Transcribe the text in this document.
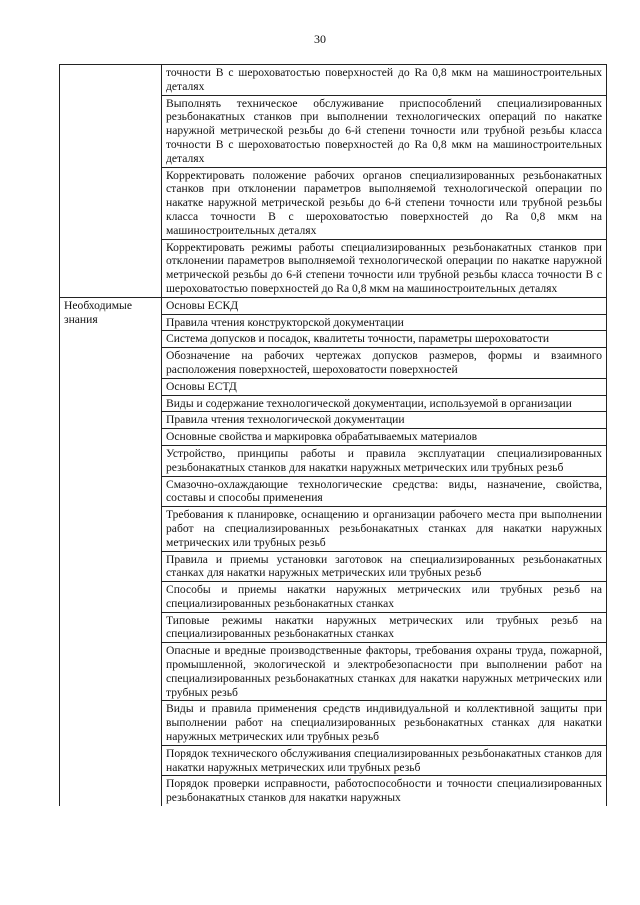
30
	точности В с шероховатостью поверхностей до Ra 0,8 мкм на машиностроительных деталях
	Выполнять техническое обслуживание приспособлений специализированных резьбонакатных станков при выполнении технологических операций по накатке наружной метрической резьбы до 6-й степени точности или трубной резьбы класса точности В с шероховатостью поверхностей до Ra 0,8 мкм на машиностроительных деталях
	Корректировать положение рабочих органов специализированных резьбонакатных станков при отклонении параметров выполняемой технологической операции по накатке наружной метрической резьбы до 6-й степени точности или трубной резьбы класса точности В с шероховатостью поверхностей до Ra 0,8 мкм на машиностроительных деталях
	Корректировать режимы работы специализированных резьбонакатных станков при отклонении параметров выполняемой технологической операции по накатке наружной метрической резьбы до 6-й степени точности или трубной резьбы класса точности В с шероховатостью поверхностей до Ra 0,8 мкм на машиностроительных деталях
Необходимые знания	Основы ЕСКД
	Правила чтения конструкторской документации
	Система допусков и посадок, квалитеты точности, параметры шероховатости
	Обозначение на рабочих чертежах допусков размеров, формы и взаимного расположения поверхностей, шероховатости поверхностей
	Основы ЕСТД
	Виды и содержание технологической документации, используемой в организации
	Правила чтения технологической документации
	Основные свойства и маркировка обрабатываемых материалов
	Устройство, принципы работы и правила эксплуатации специализированных резьбонакатных станков для накатки наружных метрических или трубных резьб
	Смазочно-охлаждающие технологические средства: виды, назначение, свойства, составы и способы применения
	Требования к планировке, оснащению и организации рабочего места при выполнении работ на специализированных резьбонакатных станках для накатки наружных метрических или трубных резьб
	Правила и приемы установки заготовок на специализированных резьбонакатных станках для накатки наружных метрических или трубных резьб
	Способы и приемы накатки наружных метрических или трубных резьб на специализированных резьбонакатных станках
	Типовые режимы накатки наружных метрических или трубных резьб на специализированных резьбонакатных станках
	Опасные и вредные производственные факторы, требования охраны труда, пожарной, промышленной, экологической и электробезопасности при выполнении работ на специализированных резьбонакатных станках для накатки наружных метрических или трубных резьб
	Виды и правила применения средств индивидуальной и коллективной защиты при выполнении работ на специализированных резьбонакатных станках для накатки наружных метрических или трубных резьб
	Порядок технического обслуживания специализированных резьбонакатных станков для накатки наружных метрических или трубных резьб
	Порядок проверки исправности, работоспособности и точности специализированных резьбонакатных станков для накатки наружных
